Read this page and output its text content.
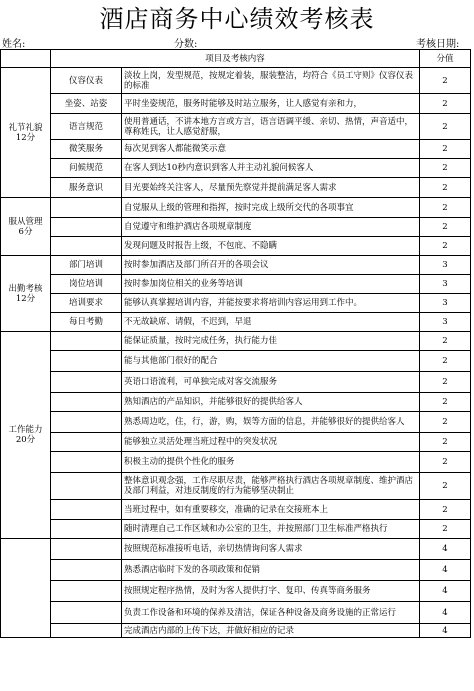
酒店商务中心绩效考核表
姓名:	分数:	考核日期:
	项目及考核内容		分值

礼节礼貌
12分	仪容仪表	淡妆上岗，发型规范，按规定着装，服装整洁，均符合《员工守则》仪容仪表的标准	2
	坐姿、站姿	平时坐姿规范，服务时能够及时站立服务，让人感觉有亲和力，	2
	语言规范	使用普通话，不讲本地方言或方言，语言语调平缓、亲切、热情，声音适中，尊称姓氏，让人感觉舒服，	2
	微笑服务	每次见到客人都能微笑示意	2
	问候规范	在客人到达10秒内意识到客人并主动礼貌问候客人	2
	服务意识	目光要始终关注客人，尽量预先察觉并提前满足客人需求	2

服从管理
6分		自觉服从上级的管理和指挥，按时完成上级所交代的各项事宜	2
		自觉遵守和维护酒店各项规章制度	2
		发现问题及时报告上级，不包庇、不隐瞒	2

出勤考核
12分	部门培训	按时参加酒店及部门所召开的各项会议	3
	岗位培训	按时参加岗位相关的业务等培训	3
	培训要求	能够认真掌握培训内容，并能按要求将培训内容运用到工作中。	3
	每日考勤	不无故缺席、请假，不迟到，早退	3

工作能力
20分		能保证质量，按时完成任务，执行能力佳	2
		能与其他部门很好的配合	2
		英语口语流利，可单独完成对客交流服务	2
		熟知酒店的产品知识，并能够很好的提供给客人	2
		熟悉周边吃，住，行，游，购，娱等方面的信息，并能够很好的提供给客人	2
		能够独立灵活处理当班过程中的突发状况	2
		积极主动的提供个性化的服务	2
		整体意识观念强，工作尽职尽责，能够严格执行酒店各项规章制度、维护酒店及部门利益，对违反制度的行为能够坚决制止	2
		当班过程中，如有重要移交，准确的记录在交接班本上	2
		随时清理自己工作区域和办公室的卫生，并按照部门卫生标准严格执行	2

		按照规范标准接听电话，亲切热情询问客人需求	4
		熟悉酒店临时下发的各项政策和促销	4
		按照规定程序热情，及时为客人提供打字、复印、传真等商务服务	4
		负责工作设备和环境的保养及清洁，保证各种设备及商务设施的正常运行	4
		完成酒店内部的上传下达，并做好相应的记录	4
